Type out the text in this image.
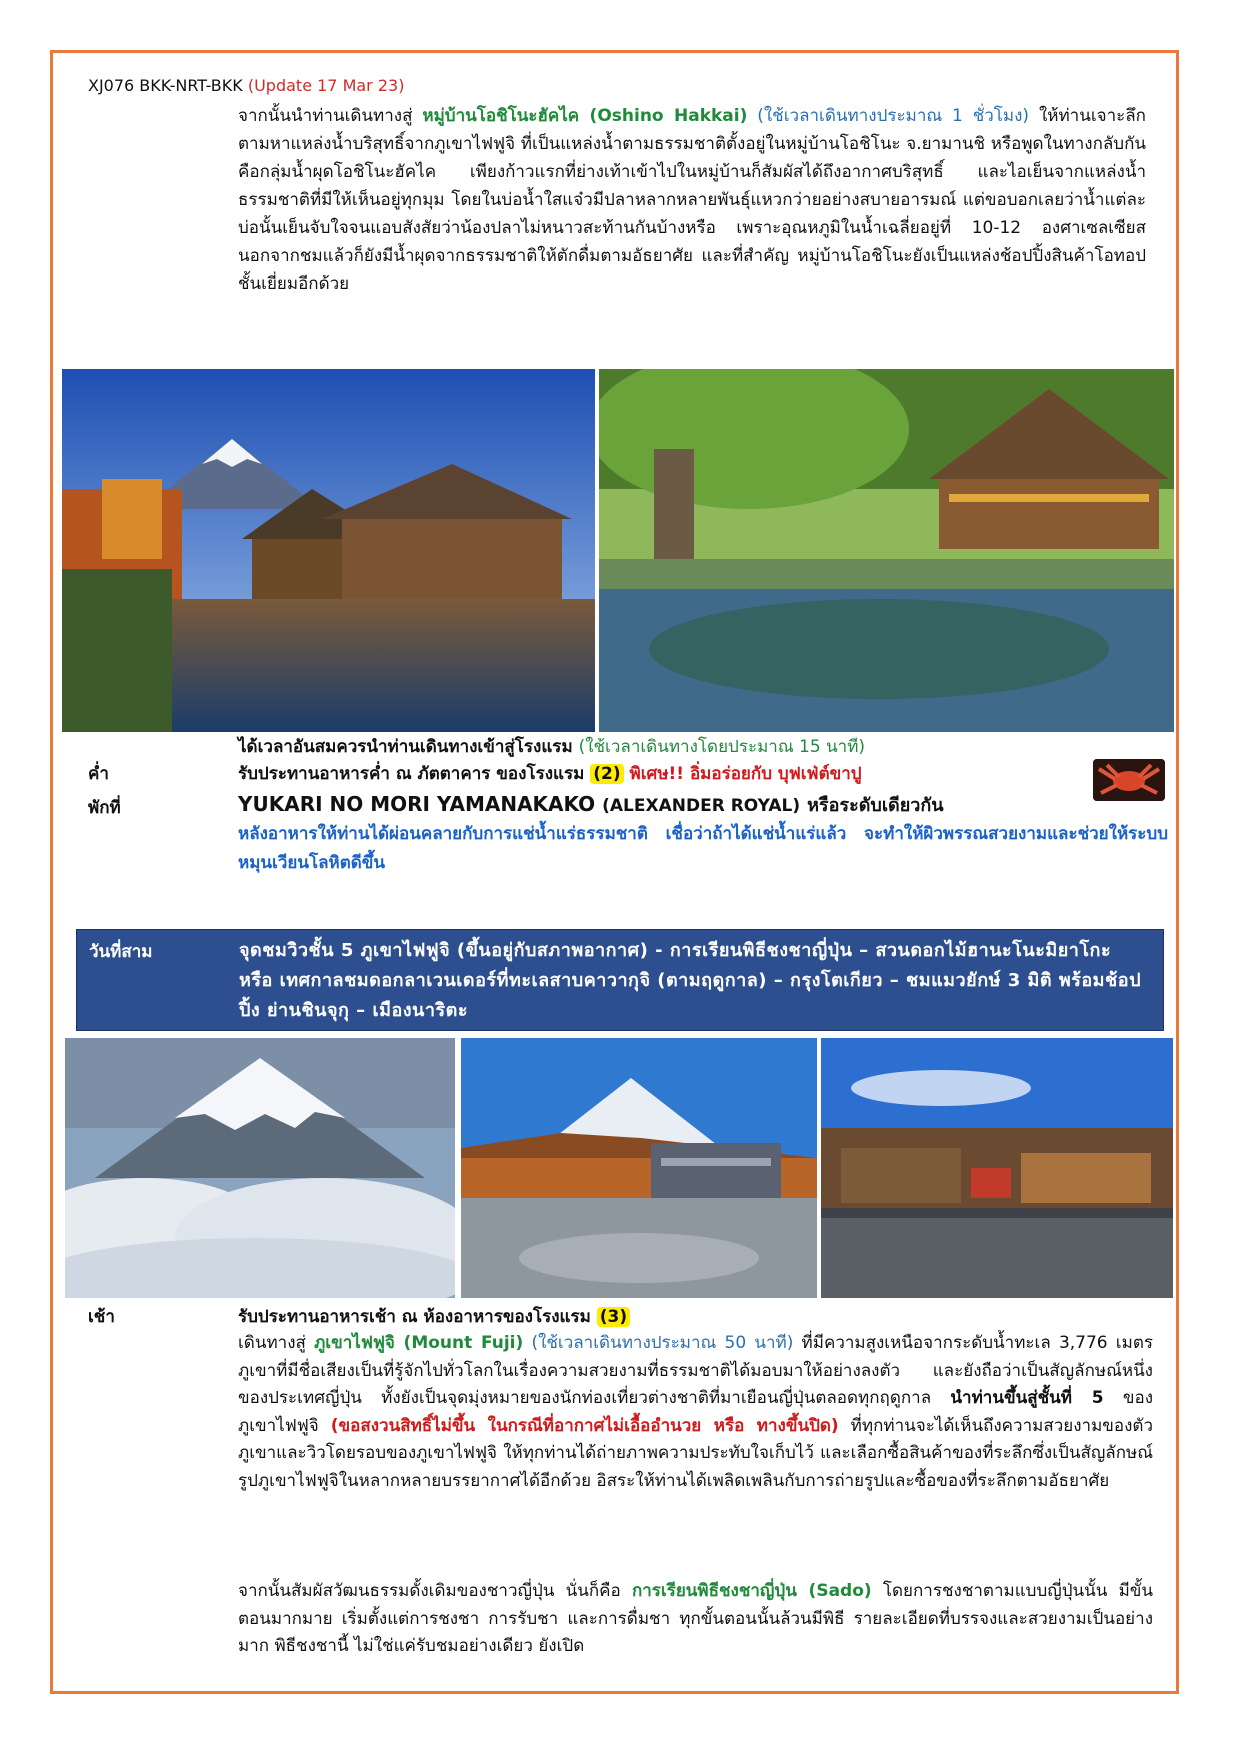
XJ076 BKK-NRT-BKK (Update 17 Mar 23)
จากนั้นนำท่านเดินทางสู่ หมู่บ้านโอชิโนะฮัคไค (Oshino Hakkai) (ใช้เวลาเดินทางประมาณ 1 ชั่วโมง) ให้ท่านเจาะลึกตามหาแหล่งน้ำบริสุทธิ์จากภูเขาไฟฟูจิ ที่เป็นแหล่งน้ำตามธรรมชาติตั้งอยู่ในหมู่บ้านโอชิโนะ จ.ยามานชิ หรือพูดในทางกลับกันคือกลุ่มน้ำผุดโอชิโนะฮัคไค เพียงก้าวแรกที่ย่างเท้าเข้าไปในหมู่บ้านก็สัมผัสได้ถึงอากาศบริสุทธิ์ และไอเย็นจากแหล่งน้ำธรรมชาติที่มีให้เห็นอยู่ทุกมุม โดยในบ่อน้ำใสแจ๋วมีปลาหลากหลายพันธุ์แหวกว่ายอย่างสบายอารมณ์ แต่ขอบอกเลยว่าน้ำแต่ละบ่อนั้นเย็นจับใจจนแอบสังสัยว่าน้องปลาไม่หนาวสะท้านกันบ้างหรือ เพราะอุณหภูมิในน้ำเฉลี่ยอยู่ที่ 10-12 องศาเซลเซียสนอกจากชมแล้วก็ยังมีน้ำผุดจากธรรมชาติให้ตักดื่มตามอัธยาศัย และที่สำคัญ หมู่บ้านโอชิโนะยังเป็นแหล่งช้อปปิ้งสินค้าโอทอปชั้นเยี่ยมอีกด้วย
ได้เวลาอันสมควรนำท่านเดินทางเข้าสู่โรงแรม (ใช้เวลาเดินทางโดยประมาณ 15 นาที)
ค่ำ	รับประทานอาหารค่ำ ณ ภัตตาคาร ของโรงแรม (2) พิเศษ!! อิ่มอร่อยกับ บุฟเฟ่ต์ขาปู
พักที่	YUKARI NO MORI YAMANAKAKO (ALEXANDER ROYAL) หรือระดับเดียวกัน
หลังอาหารให้ท่านได้ผ่อนคลายกับการแช่น้ำแร่ธรรมชาติ เชื่อว่าถ้าได้แช่น้ำแร่แล้ว จะทำให้ผิวพรรณสวยงามและช่วยให้ระบบหมุนเวียนโลหิตดีขึ้น
วันที่สาม	จุดชมวิวชั้น 5 ภูเขาไฟฟูจิ (ขึ้นอยู่กับสภาพอากาศ) - การเรียนพิธีชงชาญี่ปุ่น – สวนดอกไม้ฮานะโนะมิยาโกะ หรือ เทศกาลชมดอกลาเวนเดอร์ที่ทะเลสาบคาวากุจิ (ตามฤดูกาล) – กรุงโตเกียว – ชมแมวยักษ์ 3 มิติ พร้อมช้อปปิ้ง ย่านชินจุกุ – เมืองนาริตะ
เช้า	รับประทานอาหารเช้า ณ ห้องอาหารของโรงแรม (3)
เดินทางสู่ ภูเขาไฟฟูจิ (Mount Fuji) (ใช้เวลาเดินทางประมาณ 50 นาที) ที่มีความสูงเหนือจากระดับน้ำทะเล 3,776 เมตร ภูเขาที่มีชื่อเสียงเป็นที่รู้จักไปทั่วโลกในเรื่องความสวยงามที่ธรรมชาติได้มอบมาให้อย่างลงตัว และยังถือว่าเป็นสัญลักษณ์หนึ่งของประเทศญี่ปุ่น ทั้งยังเป็นจุดมุ่งหมายของนักท่องเที่ยวต่างชาติที่มาเยือนญี่ปุ่นตลอดทุกฤดูกาล นำท่านขึ้นสู่ชั้นที่ 5 ของภูเขาไฟฟูจิ (ขอสงวนสิทธิ์ไม่ขึ้น ในกรณีที่อากาศไม่เอื้ออำนวย หรือ ทางขึ้นปิด) ที่ทุกท่านจะได้เห็นถึงความสวยงามของตัวภูเขาและวิวโดยรอบของภูเขาไฟฟูจิ ให้ทุกท่านได้ถ่ายภาพความประทับใจเก็บไว้ และเลือกซื้อสินค้าของที่ระลึกซึ่งเป็นสัญลักษณ์รูปภูเขาไฟฟูจิในหลากหลายบรรยากาศได้อีกด้วย อิสระให้ท่านได้เพลิดเพลินกับการถ่ายรูปและซื้อของที่ระลึกตามอัธยาศัย
จากนั้นสัมผัสวัฒนธรรมดั้งเดิมของชาวญี่ปุ่น นั่นก็คือ การเรียนพิธีชงชาญี่ปุ่น (Sado) โดยการชงชาตามแบบญี่ปุ่นนั้น มีขั้นตอนมากมาย เริ่มตั้งแต่การชงชา การรับชา และการดื่มชา ทุกขั้นตอนนั้นล้วนมีพิธี รายละเอียดที่บรรจงและสวยงามเป็นอย่างมาก พิธีชงชานี้ ไม่ใช่แค่รับชมอย่างเดียว ยังเปิด
